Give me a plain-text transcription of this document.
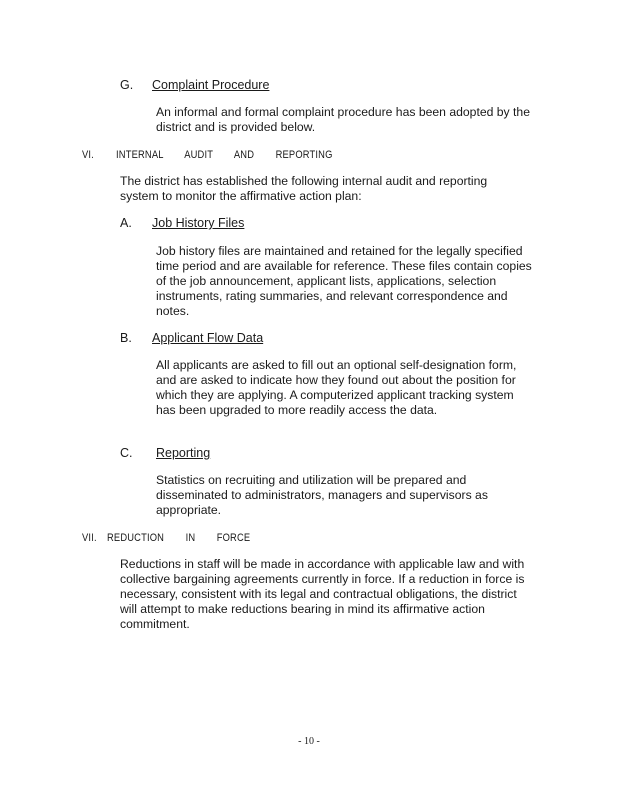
G. Complaint Procedure
An informal and formal complaint procedure has been adopted by the district and is provided below.
VI. INTERNAL AUDIT AND REPORTING
The district has established the following internal audit and reporting system to monitor the affirmative action plan:
A. Job History Files
Job history files are maintained and retained for the legally specified time period and are available for reference. These files contain copies of the job announcement, applicant lists, applications, selection instruments, rating summaries, and relevant correspondence and notes.
B. Applicant Flow Data
All applicants are asked to fill out an optional self-designation form, and are asked to indicate how they found out about the position for which they are applying. A computerized applicant tracking system has been upgraded to more readily access the data.
C. Reporting
Statistics on recruiting and utilization will be prepared and disseminated to administrators, managers and supervisors as appropriate.
VII. REDUCTION IN FORCE
Reductions in staff will be made in accordance with applicable law and with collective bargaining agreements currently in force. If a reduction in force is necessary, consistent with its legal and contractual obligations, the district will attempt to make reductions bearing in mind its affirmative action commitment.
- 10 -
